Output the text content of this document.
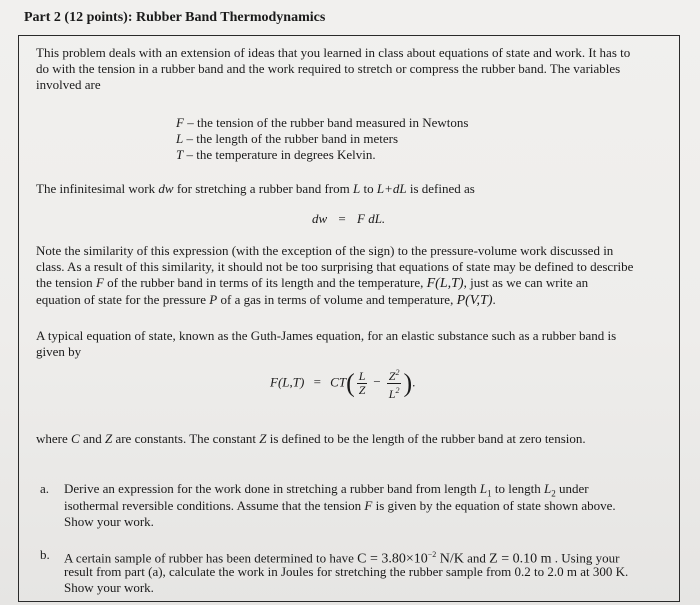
Part 2 (12 points): Rubber Band Thermodynamics
This problem deals with an extension of ideas that you learned in class about equations of state and work. It has to
do with the tension in a rubber band and the work required to stretch or compress the rubber band. The variables
involved are
F – the tension of the rubber band measured in Newtons
L – the length of the rubber band in meters
T – the temperature in degrees Kelvin.
The infinitesimal work dw for stretching a rubber band from L to L+dL is defined as
dw = F dL.
Note the similarity of this expression (with the exception of the sign) to the pressure-volume work discussed in
class. As a result of this similarity, it should not be too surprising that equations of state may be defined to describe
the tension F of the rubber band in terms of its length and the temperature, F(L,T), just as we can write an
equation of state for the pressure P of a gas in terms of volume and temperature, P(V,T).
A typical equation of state, known as the Guth-James equation, for an elastic substance such as a rubber band is
given by
$F(L,T) = CT( \frac{L}{Z} - \frac{Z^2}{L^2}$ ).
where C and Z are constants. The constant Z is defined to be the length of the rubber band at zero tension.
a. Derive an expression for the work done in stretching a rubber band from length $L_1$ to length $L_2$ under
isothermal reversible conditions. Assume that the tension F is given by the equation of state shown above.
Show your work.
b. A certain sample of rubber has been determined to have $C = 3.80\times 10^{-2}$ N/K and Z = 0.10 m . Using your
result from part (a), calculate the work in Joules for stretching the rubber sample from 0.2 to 2.0 m at 300 K.
Show your work.
